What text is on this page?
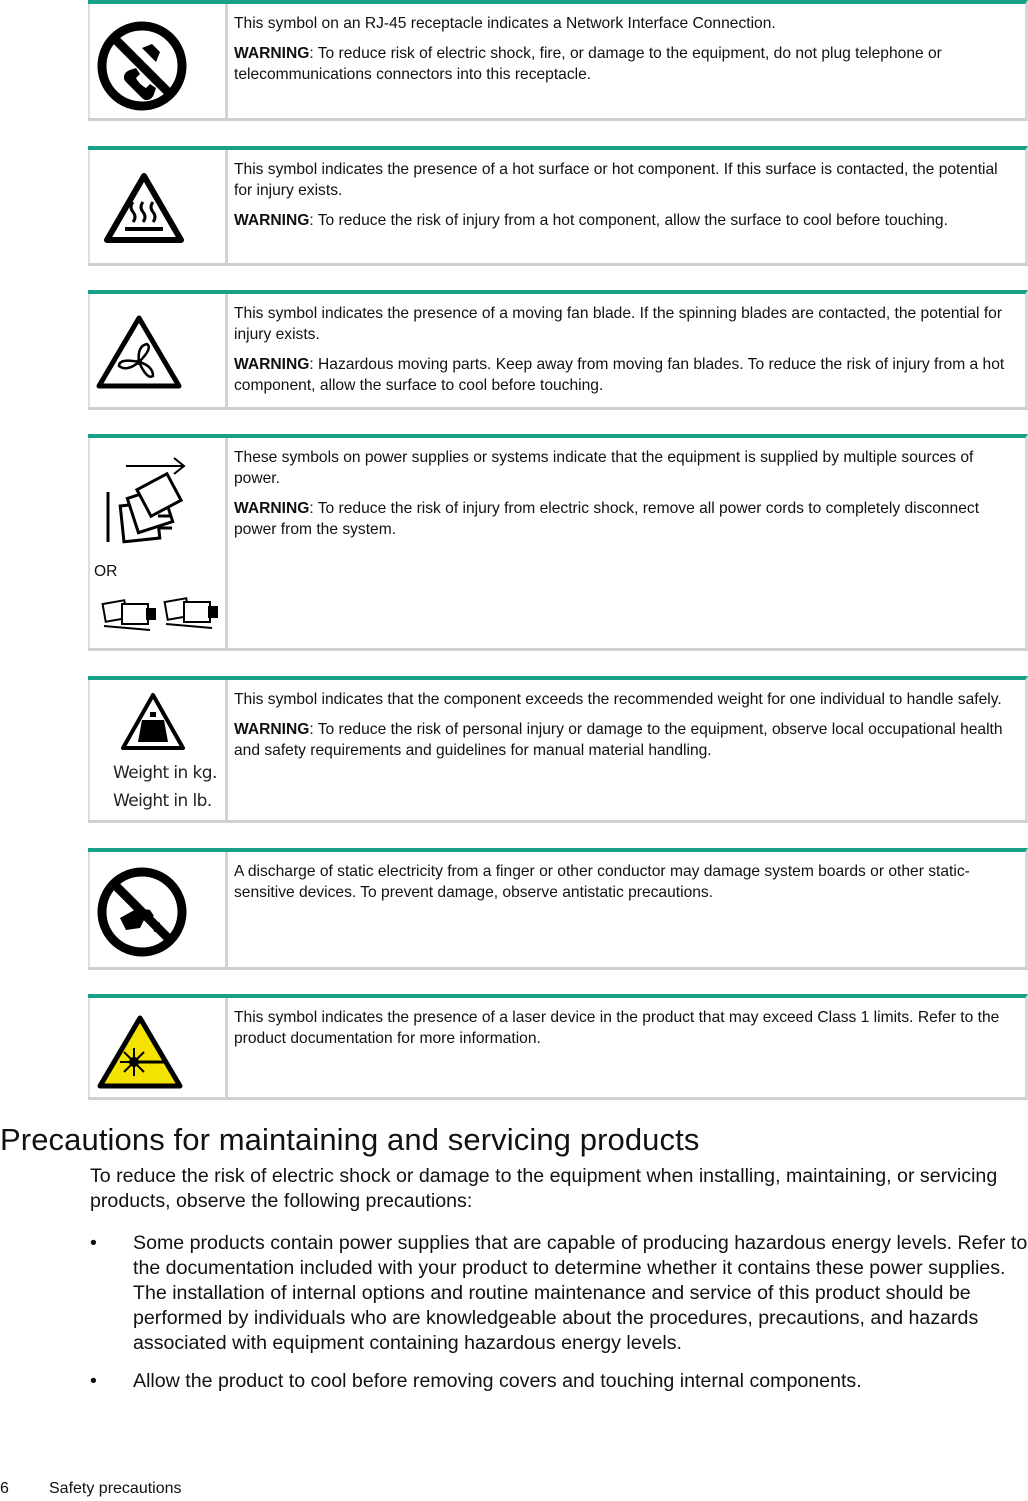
This symbol on an RJ-45 receptacle indicates a Network Interface Connection.

WARNING: To reduce risk of electric shock, fire, or damage to the equipment, do not plug telephone or telecommunications connectors into this receptacle.

This symbol indicates the presence of a hot surface or hot component. If this surface is contacted, the potential for injury exists.

WARNING: To reduce the risk of injury from a hot component, allow the surface to cool before touching.

This symbol indicates the presence of a moving fan blade. If the spinning blades are contacted, the potential for injury exists.

WARNING: Hazardous moving parts. Keep away from moving fan blades. To reduce the risk of injury from a hot component, allow the surface to cool before touching.

OR

These symbols on power supplies or systems indicate that the equipment is supplied by multiple sources of power.

WARNING: To reduce the risk of injury from electric shock, remove all power cords to completely disconnect power from the system.

Weight in kg.
Weight in lb.

This symbol indicates that the component exceeds the recommended weight for one individual to handle safely.

WARNING: To reduce the risk of personal injury or damage to the equipment, observe local occupational health and safety requirements and guidelines for manual material handling.

A discharge of static electricity from a finger or other conductor may damage system boards or other static-sensitive devices. To prevent damage, observe antistatic precautions.

This symbol indicates the presence of a laser device in the product that may exceed Class 1 limits. Refer to the product documentation for more information.

Precautions for maintaining and servicing products

To reduce the risk of electric shock or damage to the equipment when installing, maintaining, or servicing products, observe the following precautions:

• Some products contain power supplies that are capable of producing hazardous energy levels. Refer to the documentation included with your product to determine whether it contains these power supplies. The installation of internal options and routine maintenance and service of this product should be performed by individuals who are knowledgeable about the procedures, precautions, and hazards associated with equipment containing hazardous energy levels.
• Allow the product to cool before removing covers and touching internal components.
6	Safety precautions
